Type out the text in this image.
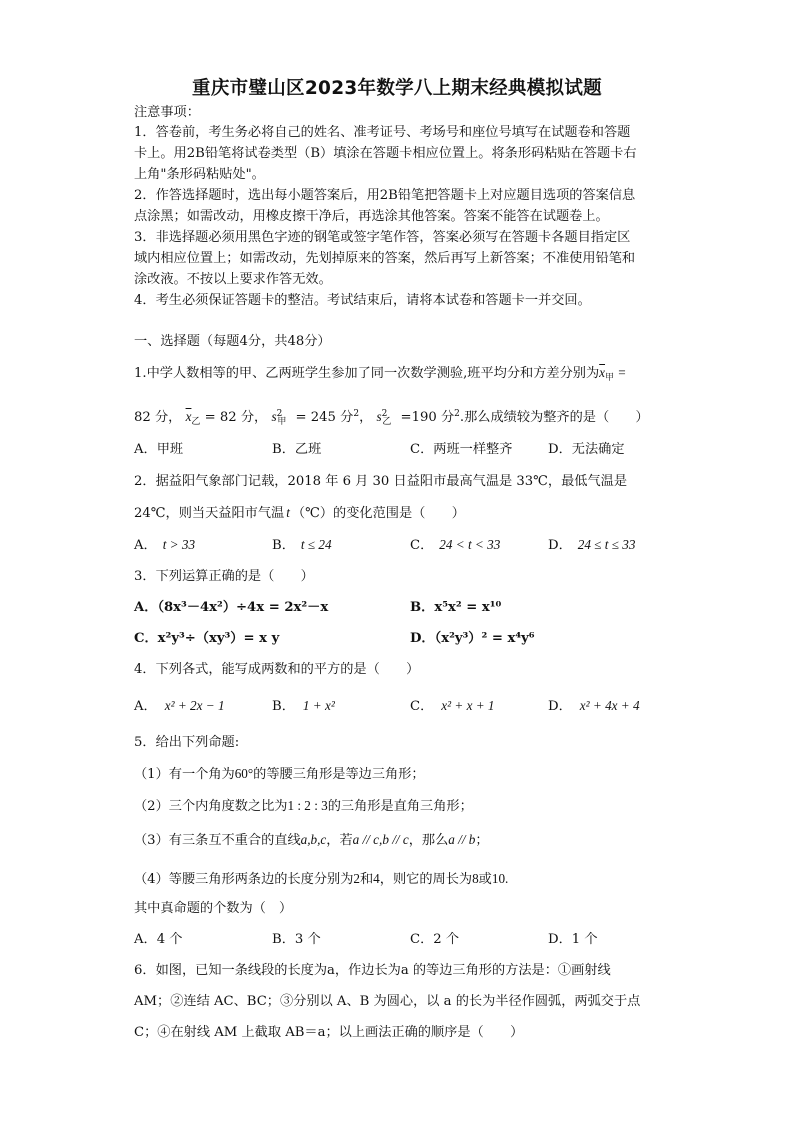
重庆市璧山区2023年数学八上期末经典模拟试题
注意事项：
1．答卷前，考生务必将自己的姓名、准考证号、考场号和座位号填写在试题卷和答题
卡上。用2B铅笔将试卷类型（B）填涂在答题卡相应位置上。将条形码粘贴在答题卡右
上角"条形码粘贴处"。
2．作答选择题时，选出每小题答案后，用2B铅笔把答题卡上对应题目选项的答案信息
点涂黑；如需改动，用橡皮擦干净后，再选涂其他答案。答案不能答在试题卷上。
3．非选择题必须用黑色字迹的钢笔或签字笔作答，答案必须写在答题卡各题目指定区
域内相应位置上；如需改动，先划掉原来的答案，然后再写上新答案；不准使用铅笔和
涂改液。不按以上要求作答无效。
4．考生必须保证答题卡的整洁。考试结束后，请将本试卷和答题卡一并交回。
一、选择题（每题4分，共48分）
1.中学人数相等的甲、乙两班学生参加了同一次数学测验,班平均分和方差分别为$\overline{x}_甲$ =
82 分， $\overline{x}_乙 = 82$ 分， $s^2_甲 = 245$ 分$^2$， $s^2_乙 =190$ 分$^2$.那么成绩较为整齐的是（　　）
A．甲班	B．乙班	C．两班一样整齐	D．无法确定
2．据益阳气象部门记载，2018 年 6 月 30 日益阳市最高气温是 33℃，最低气温是
24℃，则当天益阳市气温 t （℃）的变化范围是（　　）
A． t > 33	B． t ≤ 24	C． 24 < t < 33	D． 24 ≤ t ≤ 33
3．下列运算正确的是（　　）
A．（8x³－4x²）÷4x = 2x²－x	B．x⁵x² = x¹⁰
C．x²y³÷（xy³）= x y	D．（x²y³）² = x⁴y⁶
4．下列各式，能写成两数和的平方的是（　　）
A． x² + 2x − 1	B． 1 + x²	C． x² + x + 1	D． x² + 4x + 4
5．给出下列命题:
（1）有一个角为60°的等腰三角形是等边三角形；
（2）三个内角度数之比为1 : 2 : 3的三角形是直角三角形；
（3）有三条互不重合的直线a,b,c，若a // c,b // c，那么a // b；
（4）等腰三角形两条边的长度分别为2和4，则它的周长为8或10.
其中真命题的个数为（　）
A．4 个	B．3 个	C．2 个	D．1 个
6．如图，已知一条线段的长度为a，作边长为a 的等边三角形的方法是：①画射线
AM；②连结 AC、BC；③分别以 A、B 为圆心，以 a 的长为半径作圆弧，两弧交于点
C；④在射线 AM 上截取 AB＝a；以上画法正确的顺序是（　　）
